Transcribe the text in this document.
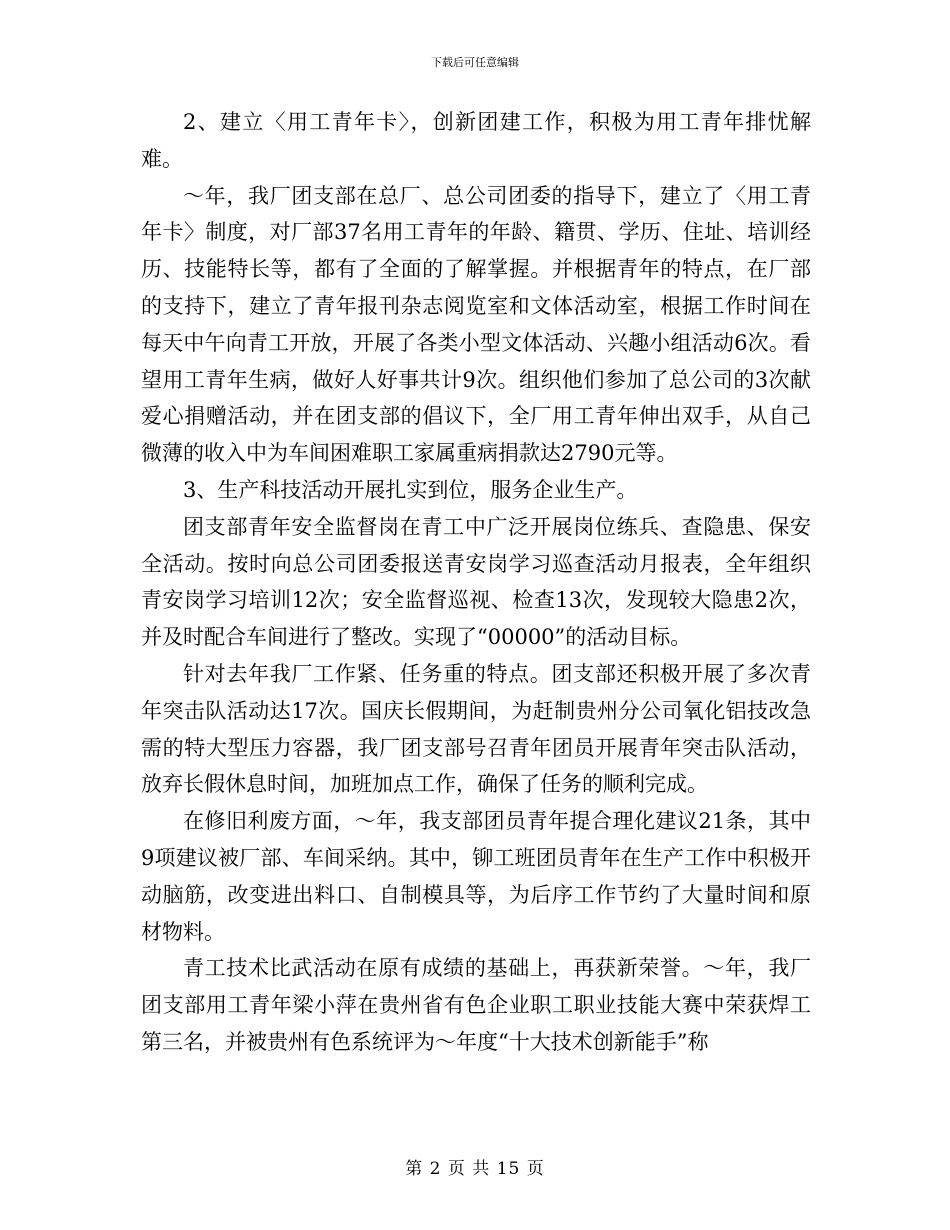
下载后可任意编辑

2、建立〈用工青年卡〉，创新团建工作，积极为用工青年排忧解难。

～年，我厂团支部在总厂、总公司团委的指导下，建立了〈用工青年卡〉制度，对厂部37名用工青年的年龄、籍贯、学历、住址、培训经历、技能特长等，都有了全面的了解掌握。并根据青年的特点，在厂部的支持下，建立了青年报刊杂志阅览室和文体活动室，根据工作时间在每天中午向青工开放，开展了各类小型文体活动、兴趣小组活动6次。看望用工青年生病，做好人好事共计9次。组织他们参加了总公司的3次献爱心捐赠活动，并在团支部的倡议下，全厂用工青年伸出双手，从自己微薄的收入中为车间困难职工家属重病捐款达2790元等。

3、生产科技活动开展扎实到位，服务企业生产。

团支部青年安全监督岗在青工中广泛开展岗位练兵、查隐患、保安全活动。按时向总公司团委报送青安岗学习巡查活动月报表，全年组织青安岗学习培训12次；安全监督巡视、检查13次，发现较大隐患2次，并及时配合车间进行了整改。实现了“00000”的活动目标。

针对去年我厂工作紧、任务重的特点。团支部还积极开展了多次青年突击队活动达17次。国庆长假期间，为赶制贵州分公司氧化铝技改急需的特大型压力容器，我厂团支部号召青年团员开展青年突击队活动，放弃长假休息时间，加班加点工作，确保了任务的顺利完成。

在修旧利废方面，～年，我支部团员青年提合理化建议21条，其中9项建议被厂部、车间采纳。其中，铆工班团员青年在生产工作中积极开动脑筋，改变进出料口、自制模具等，为后序工作节约了大量时间和原材物料。

青工技术比武活动在原有成绩的基础上，再获新荣誉。～年，我厂团支部用工青年梁小萍在贵州省有色企业职工职业技能大赛中荣获焊工第三名，并被贵州有色系统评为～年度“十大技术创新能手”称

第 2 页 共 15 页
